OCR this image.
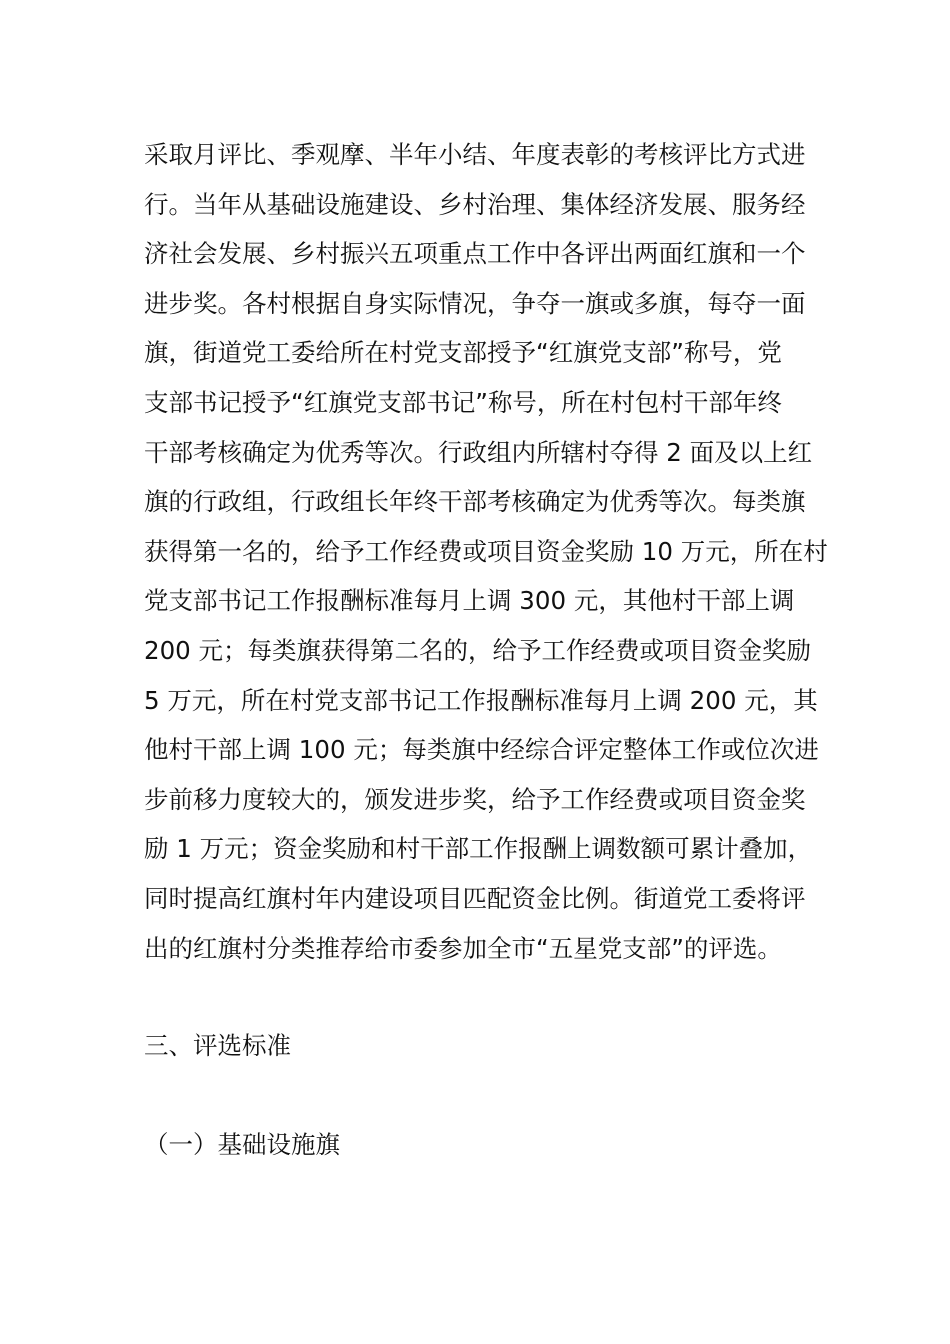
采取月评比、季观摩、半年小结、年度表彰的考核评比方式进
行。当年从基础设施建设、乡村治理、集体经济发展、服务经
济社会发展、乡村振兴五项重点工作中各评出两面红旗和一个
进步奖。各村根据自身实际情况，争夺一旗或多旗，每夺一面
旗，街道党工委给所在村党支部授予“红旗党支部”称号，党
支部书记授予“红旗党支部书记”称号，所在村包村干部年终
干部考核确定为优秀等次。行政组内所辖村夺得 2 面及以上红
旗的行政组，行政组长年终干部考核确定为优秀等次。每类旗
获得第一名的，给予工作经费或项目资金奖励 10 万元，所在村
党支部书记工作报酬标准每月上调 300 元，其他村干部上调
200 元；每类旗获得第二名的，给予工作经费或项目资金奖励
5 万元，所在村党支部书记工作报酬标准每月上调 200 元，其
他村干部上调 100 元；每类旗中经综合评定整体工作或位次进
步前移力度较大的，颁发进步奖，给予工作经费或项目资金奖
励 1 万元；资金奖励和村干部工作报酬上调数额可累计叠加，
同时提高红旗村年内建设项目匹配资金比例。街道党工委将评
出的红旗村分类推荐给市委参加全市“五星党支部”的评选。
三、评选标准
（一）基础设施旗
